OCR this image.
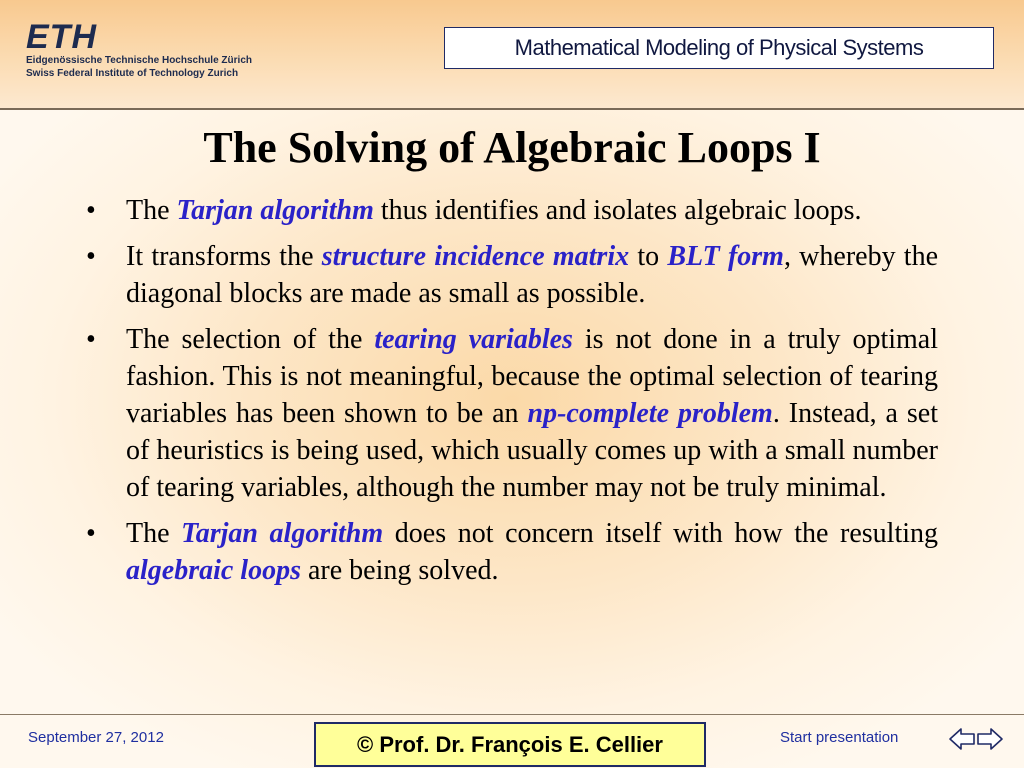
ETH
Eidgenössische Technische Hochschule Zürich
Swiss Federal Institute of Technology Zurich
Mathematical Modeling of Physical Systems
The Solving of Algebraic Loops I
• The Tarjan algorithm thus identifies and isolates algebraic loops.
• It transforms the structure incidence matrix to BLT form, whereby the diagonal blocks are made as small as possible.
• The selection of the tearing variables is not done in a truly optimal fashion. This is not meaningful, because the optimal selection of tearing variables has been shown to be an np-complete problem. Instead, a set of heuristics is being used, which usually comes up with a small number of tearing variables, although the number may not be truly minimal.
• The Tarjan algorithm does not concern itself with how the resulting algebraic loops are being solved.
September 27, 2012	© Prof. Dr. François E. Cellier	Start presentation
